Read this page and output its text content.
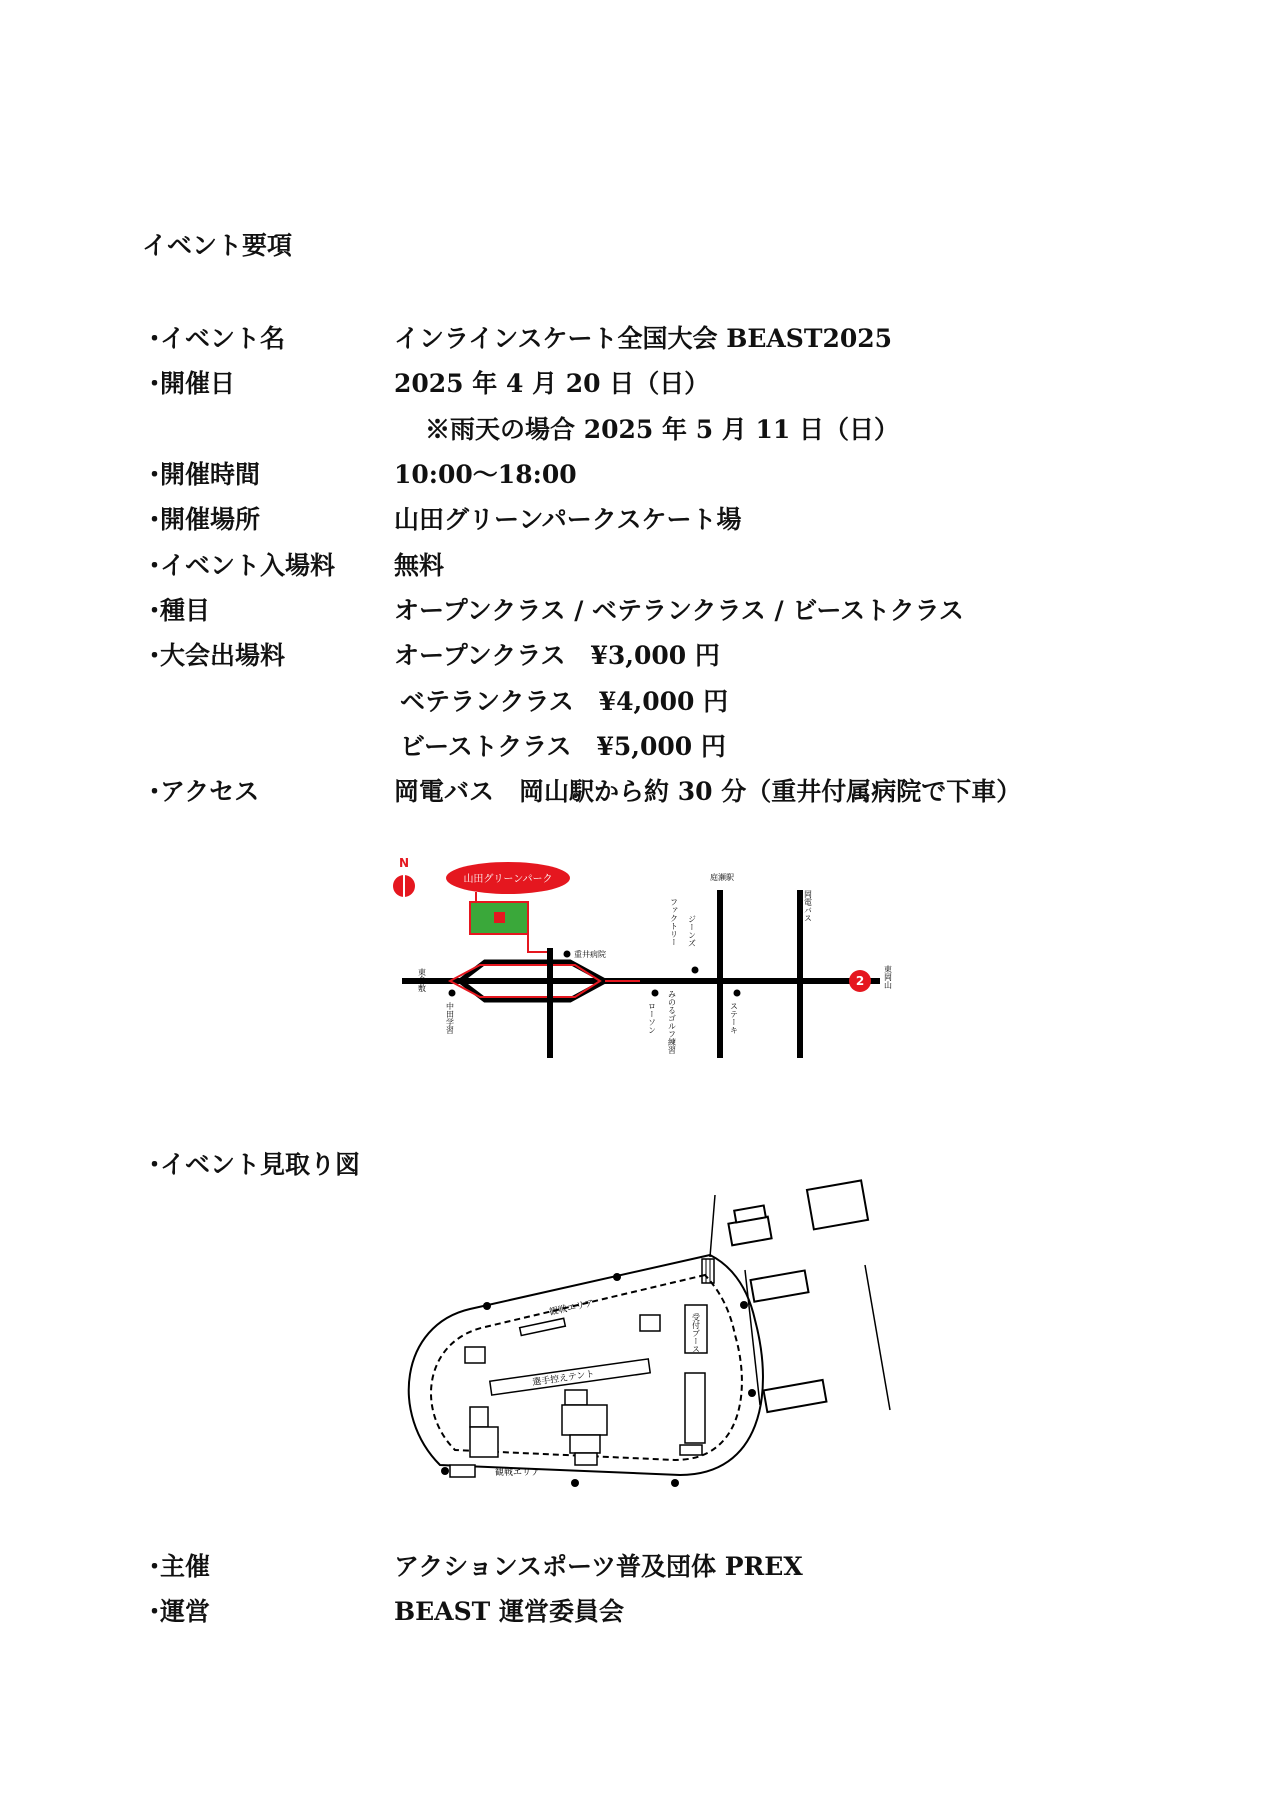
イベント要項
・イベント名	インラインスケート全国大会 BEAST2025
・開催日	2025 年 4 月 20 日（日）
※雨天の場合 2025 年 5 月 11 日（日）
・開催時間	10:00～18:00
・開催場所	山田グリーンパークスケート場
・イベント入場料 無料
・種目	オープンクラス / ベテランクラス / ビーストクラス
・大会出場料	オープンクラス　¥3,000 円
ベテランクラス　¥4,000 円
ビーストクラス　¥5,000 円
・アクセス	岡電バス　岡山駅から約 30 分（重井付属病院で下車）
N
山田グリーンパーク
2
重井病院
ジーンズ
ファクトリー
中田学習	ローソン みのるゴルフ練習	ステーキ
庭瀬駅
岡電バス
東倉敷	東岡山
・イベント見取り図
観戦エリア
選手控えテント
受付ブース
観戦エリア
・主催	アクションスポーツ普及団体 PREX
・運営	BEAST 運営委員会
